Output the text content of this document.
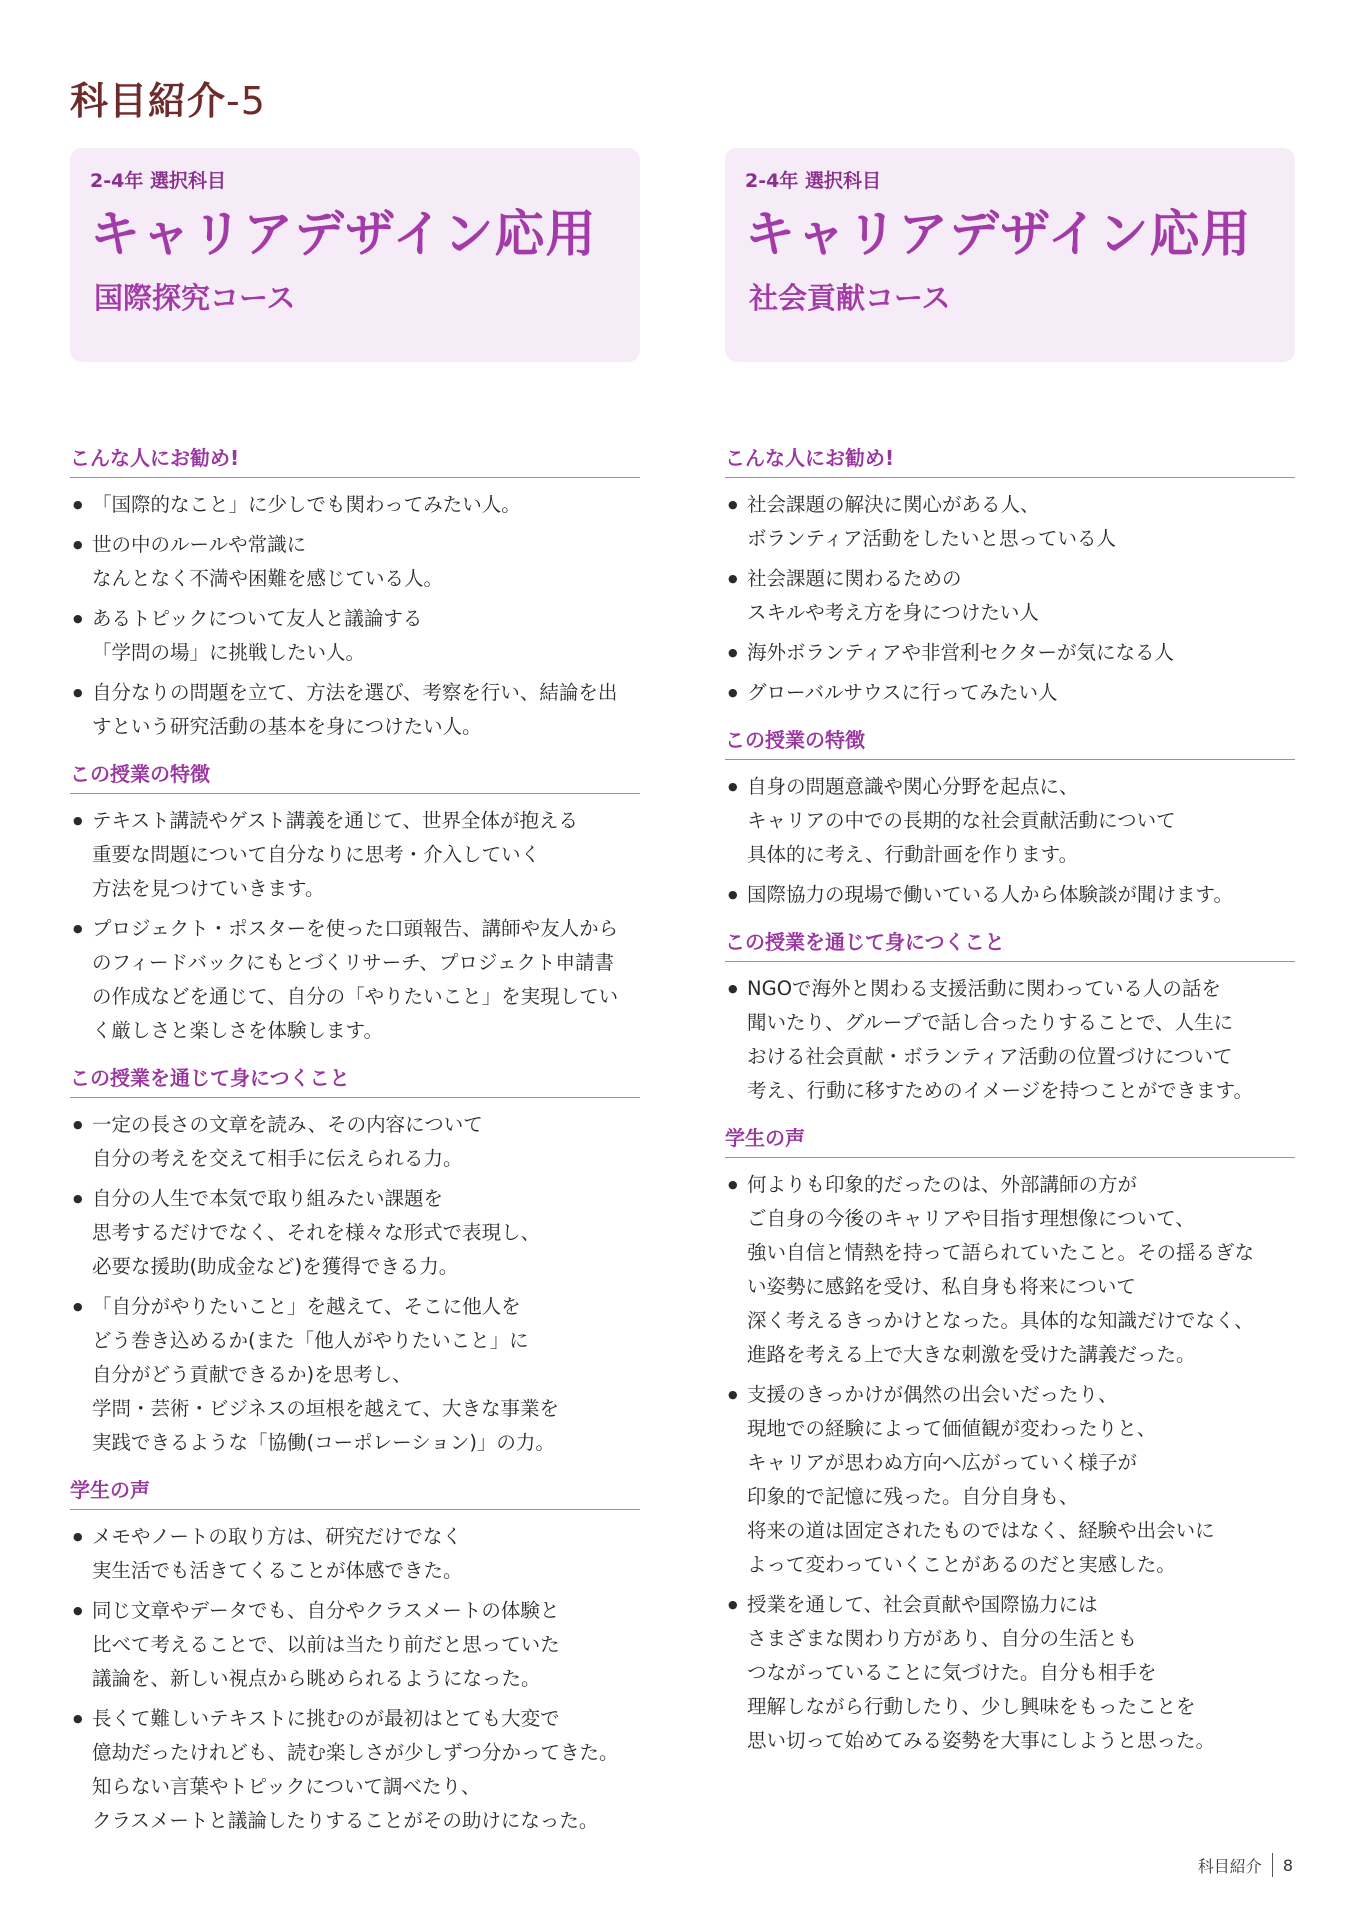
科目紹介-5

2-4年 選択科目

キャリアデザイン応用

国際探究コース

こんな人にお勧め!
● 「国際的なこと」に少しでも関わってみたい人。
● 世の中のルールや常識に
なんとなく不満や困難を感じている人。
● あるトピックについて友人と議論する
「学問の場」に挑戦したい人。
● 自分なりの問題を立て、方法を選び、考察を行い、結論を出
すという研究活動の基本を身につけたい人。
この授業の特徴
● テキスト講読やゲスト講義を通じて、世界全体が抱える
重要な問題について自分なりに思考・介入していく
方法を見つけていきます。
● プロジェクト・ポスターを使った口頭報告、講師や友人から
のフィードバックにもとづくリサーチ、プロジェクト申請書
の作成などを通じて、自分の「やりたいこと」を実現してい
く厳しさと楽しさを体験します。
この授業を通じて身につくこと
● 一定の長さの文章を読み、その内容について
自分の考えを交えて相手に伝えられる力。
● 自分の人生で本気で取り組みたい課題を
思考するだけでなく、それを様々な形式で表現し、
必要な援助(助成金など)を獲得できる力。
● 「自分がやりたいこと」を越えて、そこに他人を
どう巻き込めるか(また「他人がやりたいこと」に
自分がどう貢献できるか)を思考し、
学問・芸術・ビジネスの垣根を越えて、大きな事業を
実践できるような「協働(コーポレーション)」の力。
学生の声
● メモやノートの取り方は、研究だけでなく
実生活でも活きてくることが体感できた。
● 同じ文章やデータでも、自分やクラスメートの体験と
比べて考えることで、以前は当たり前だと思っていた
議論を、新しい視点から眺められるようになった。
● 長くて難しいテキストに挑むのが最初はとても大変で
億劫だったけれども、読む楽しさが少しずつ分かってきた。
知らない言葉やトピックについて調べたり、
クラスメートと議論したりすることがその助けになった。

2-4年 選択科目

キャリアデザイン応用

社会貢献コース

こんな人にお勧め!
● 社会課題の解決に関心がある人、
ボランティア活動をしたいと思っている人
● 社会課題に関わるための
スキルや考え方を身につけたい人
● 海外ボランティアや非営利セクターが気になる人
● グローバルサウスに行ってみたい人
この授業の特徴
● 自身の問題意識や関心分野を起点に、
キャリアの中での長期的な社会貢献活動について
具体的に考え、行動計画を作ります。
● 国際協力の現場で働いている人から体験談が聞けます。
この授業を通じて身につくこと
● NGOで海外と関わる支援活動に関わっている人の話を
聞いたり、グループで話し合ったりすることで、人生に
おける社会貢献・ボランティア活動の位置づけについて
考え、行動に移すためのイメージを持つことができます。
学生の声
● 何よりも印象的だったのは、外部講師の方が
ご自身の今後のキャリアや目指す理想像について、
強い自信と情熱を持って語られていたこと。その揺るぎな
い姿勢に感銘を受け、私自身も将来について
深く考えるきっかけとなった。具体的な知識だけでなく、
進路を考える上で大きな刺激を受けた講義だった。
● 支援のきっかけが偶然の出会いだったり、
現地での経験によって価値観が変わったりと、
キャリアが思わぬ方向へ広がっていく様子が
印象的で記憶に残った。自分自身も、
将来の道は固定されたものではなく、経験や出会いに
よって変わっていくことがあるのだと実感した。
● 授業を通して、社会貢献や国際協力には
さまざまな関わり方があり、自分の生活とも
つながっていることに気づけた。自分も相手を
理解しながら行動したり、少し興味をもったことを
思い切って始めてみる姿勢を大事にしようと思った。
科目紹介 8
